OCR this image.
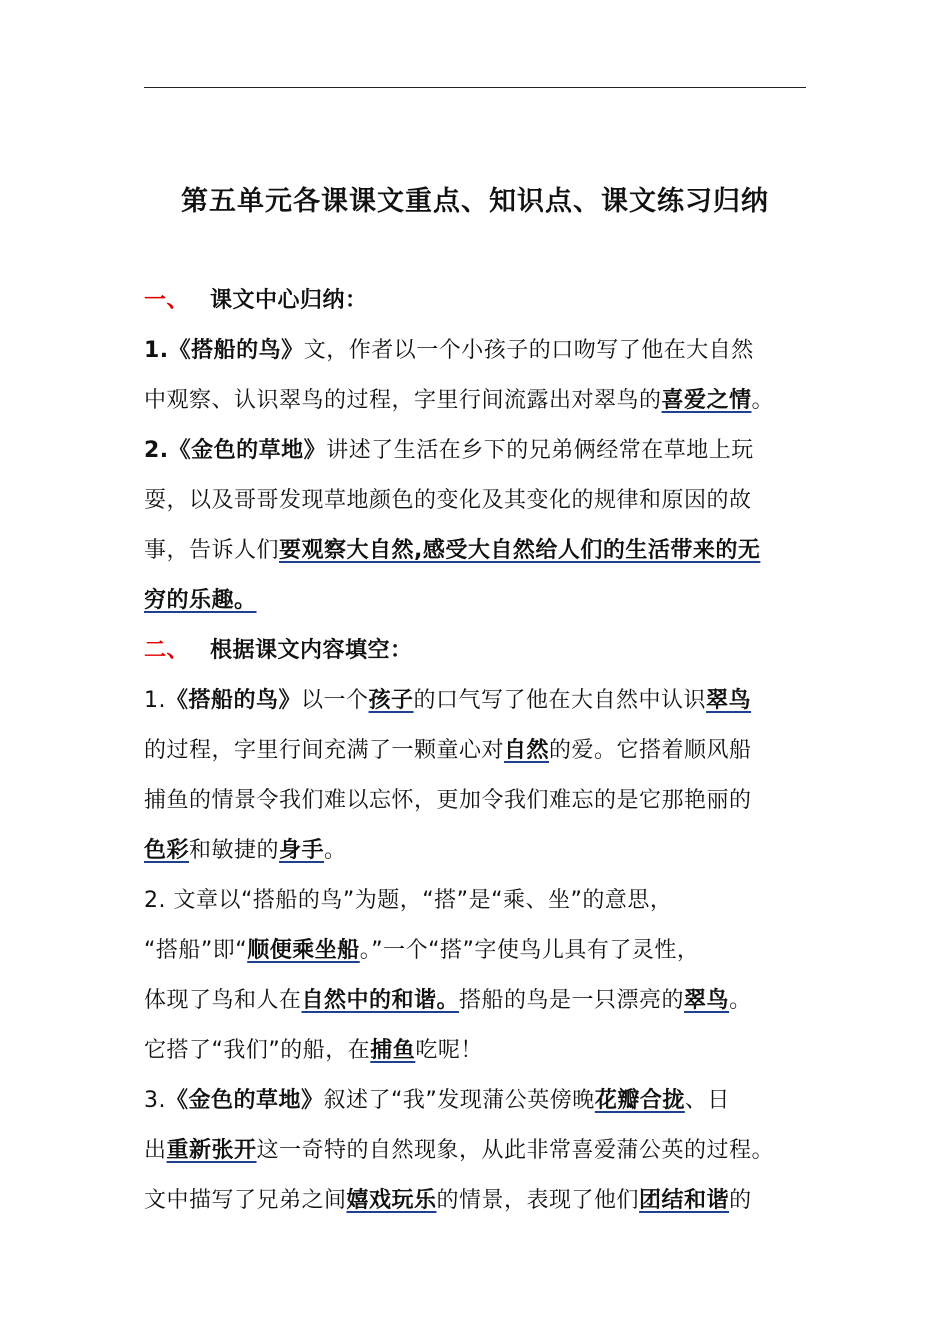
第五单元各课课文重点、知识点、课文练习归纳
一、 课文中心归纳：
1.《搭船的鸟》文，作者以一个小孩子的口吻写了他在大自然
中观察、认识翠鸟的过程，字里行间流露出对翠鸟的喜爱之情。
2.《金色的草地》讲述了生活在乡下的兄弟俩经常在草地上玩
耍，以及哥哥发现草地颜色的变化及其变化的规律和原因的故
事，告诉人们要观察大自然,感受大自然给人们的生活带来的无
穷的乐趣。
二、 根据课文内容填空：
1.《搭船的鸟》以一个孩子的口气写了他在大自然中认识翠鸟
的过程，字里行间充满了一颗童心对自然的爱。它搭着顺风船
捕鱼的情景令我们难以忘怀，更加令我们难忘的是它那艳丽的
色彩和敏捷的身手。
2. 文章以“搭船的鸟”为题，“搭”是“乘、坐”的意思，
“搭船”即“顺便乘坐船。”一个“搭”字使鸟儿具有了灵性，
体现了鸟和人在自然中的和谐。搭船的鸟是一只漂亮的翠鸟。
它搭了“我们”的船，在捕鱼吃呢！
3.《金色的草地》叙述了“我”发现蒲公英傍晚花瓣合拢、日
出重新张开这一奇特的自然现象，从此非常喜爱蒲公英的过程。
文中描写了兄弟之间嬉戏玩乐的情景，表现了他们团结和谐的
